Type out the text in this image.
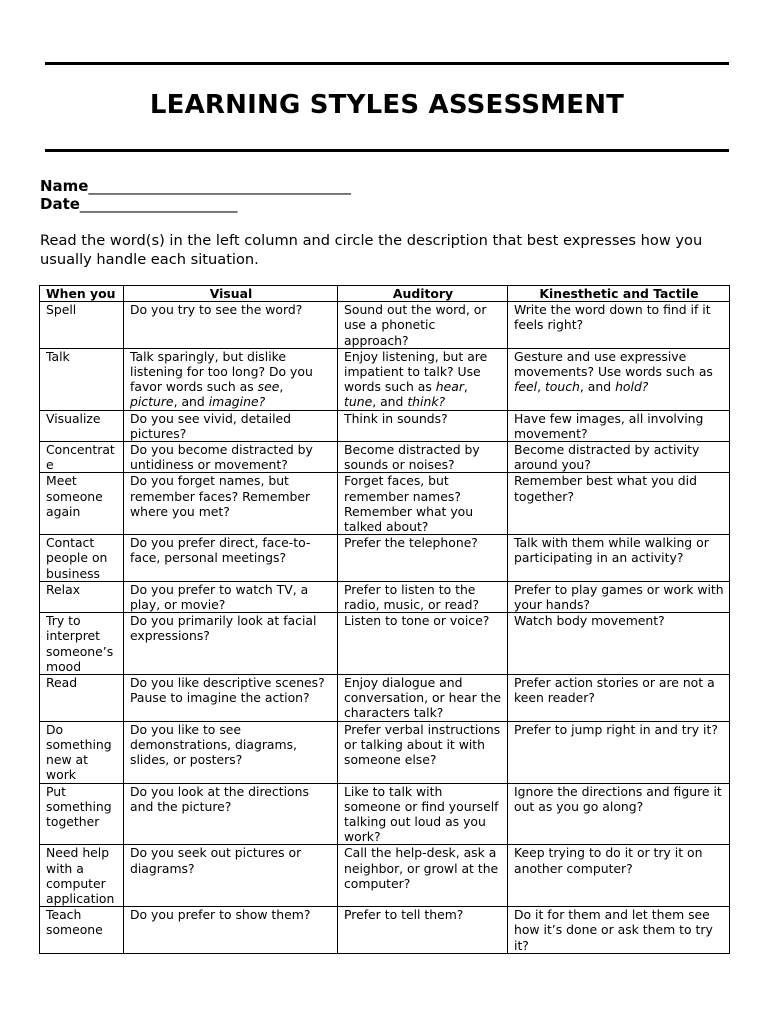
LEARNING STYLES ASSESSMENT
Name___________________________________
Date_____________________

Read the word(s) in the left column and circle the description that best expresses how you usually handle each situation.

When you	Visual	Auditory	Kinesthetic and Tactile
Spell	Do you try to see the word?	Sound out the word, or use a phonetic approach?	Write the word down to find if it feels right?
Talk	Talk sparingly, but dislike listening for too long? Do you favor words such as see, picture, and imagine?	Enjoy listening, but are impatient to talk? Use words such as hear, tune, and think?	Gesture and use expressive movements? Use words such as feel, touch, and hold?
Visualize	Do you see vivid, detailed pictures?	Think in sounds?	Have few images, all involving movement?
Concentrate	Do you become distracted by untidiness or movement?	Become distracted by sounds or noises?	Become distracted by activity around you?
Meet someone again	Do you forget names, but remember faces? Remember where you met?	Forget faces, but remember names? Remember what you talked about?	Remember best what you did together?
Contact people on business	Do you prefer direct, face-to-face, personal meetings?	Prefer the telephone?	Talk with them while walking or participating in an activity?
Relax	Do you prefer to watch TV, a play, or movie?	Prefer to listen to the radio, music, or read?	Prefer to play games or work with your hands?
Try to interpret someone’s mood	Do you primarily look at facial expressions?	Listen to tone or voice?	Watch body movement?
Read	Do you like descriptive scenes? Pause to imagine the action?	Enjoy dialogue and conversation, or hear the characters talk?	Prefer action stories or are not a keen reader?
Do something new at work	Do you like to see demonstrations, diagrams, slides, or posters?	Prefer verbal instructions or talking about it with someone else?	Prefer to jump right in and try it?
Put something together	Do you look at the directions and the picture?	Like to talk with someone or find yourself talking out loud as you work?	Ignore the directions and figure it out as you go along?
Need help with a computer application	Do you seek out pictures or diagrams?	Call the help-desk, ask a neighbor, or growl at the computer?	Keep trying to do it or try it on another computer?
Teach someone	Do you prefer to show them?	Prefer to tell them?	Do it for them and let them see how it’s done or ask them to try it?
